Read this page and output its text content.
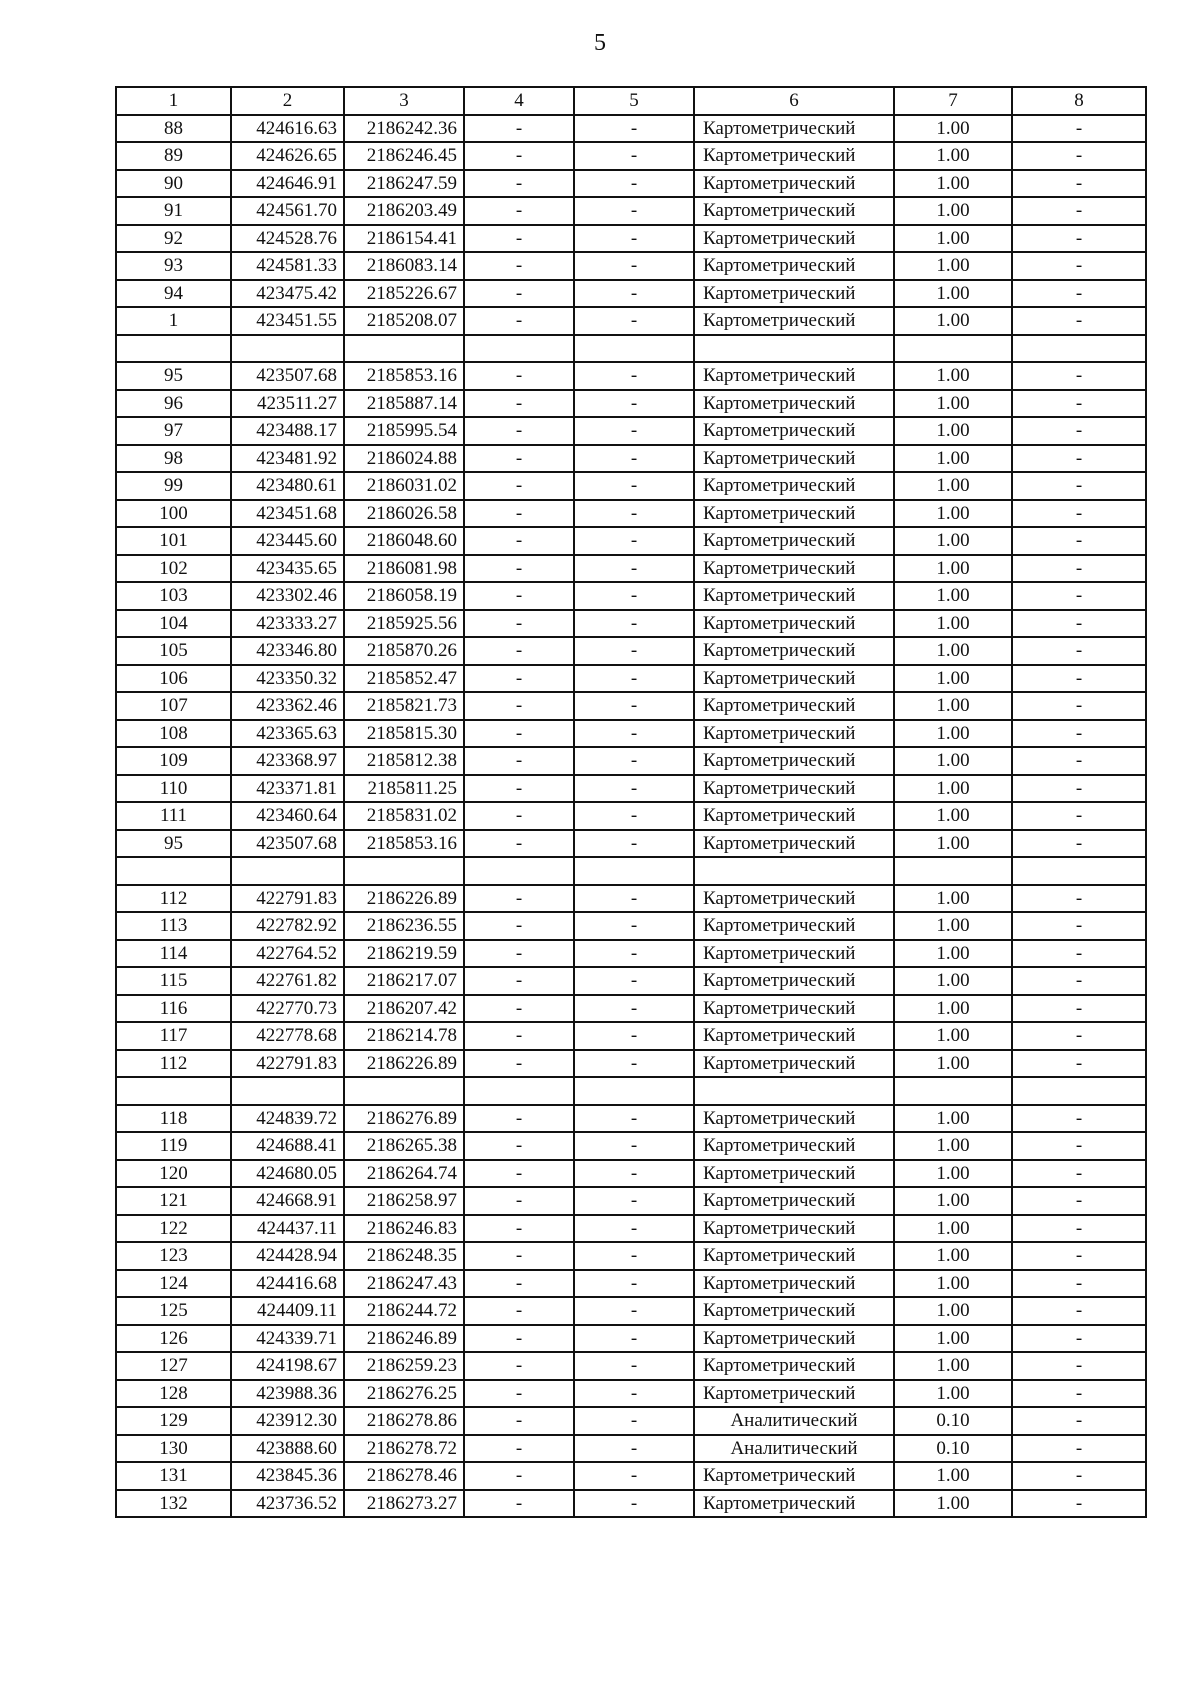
5
1	2	3	4	5	6	7	8
88	424616.63	2186242.36	-	-	Картометрический	1.00	-
89	424626.65	2186246.45	-	-	Картометрический	1.00	-
90	424646.91	2186247.59	-	-	Картометрический	1.00	-
91	424561.70	2186203.49	-	-	Картометрический	1.00	-
92	424528.76	2186154.41	-	-	Картометрический	1.00	-
93	424581.33	2186083.14	-	-	Картометрический	1.00	-
94	423475.42	2185226.67	-	-	Картометрический	1.00	-
1	423451.55	2185208.07	-	-	Картометрический	1.00	-

95	423507.68	2185853.16	-	-	Картометрический	1.00	-
96	423511.27	2185887.14	-	-	Картометрический	1.00	-
97	423488.17	2185995.54	-	-	Картометрический	1.00	-
98	423481.92	2186024.88	-	-	Картометрический	1.00	-
99	423480.61	2186031.02	-	-	Картометрический	1.00	-
100	423451.68	2186026.58	-	-	Картометрический	1.00	-
101	423445.60	2186048.60	-	-	Картометрический	1.00	-
102	423435.65	2186081.98	-	-	Картометрический	1.00	-
103	423302.46	2186058.19	-	-	Картометрический	1.00	-
104	423333.27	2185925.56	-	-	Картометрический	1.00	-
105	423346.80	2185870.26	-	-	Картометрический	1.00	-
106	423350.32	2185852.47	-	-	Картометрический	1.00	-
107	423362.46	2185821.73	-	-	Картометрический	1.00	-
108	423365.63	2185815.30	-	-	Картометрический	1.00	-
109	423368.97	2185812.38	-	-	Картометрический	1.00	-
110	423371.81	2185811.25	-	-	Картометрический	1.00	-
111	423460.64	2185831.02	-	-	Картометрический	1.00	-
95	423507.68	2185853.16	-	-	Картометрический	1.00	-

112	422791.83	2186226.89	-	-	Картометрический	1.00	-
113	422782.92	2186236.55	-	-	Картометрический	1.00	-
114	422764.52	2186219.59	-	-	Картометрический	1.00	-
115	422761.82	2186217.07	-	-	Картометрический	1.00	-
116	422770.73	2186207.42	-	-	Картометрический	1.00	-
117	422778.68	2186214.78	-	-	Картометрический	1.00	-
112	422791.83	2186226.89	-	-	Картометрический	1.00	-

118	424839.72	2186276.89	-	-	Картометрический	1.00	-
119	424688.41	2186265.38	-	-	Картометрический	1.00	-
120	424680.05	2186264.74	-	-	Картометрический	1.00	-
121	424668.91	2186258.97	-	-	Картометрический	1.00	-
122	424437.11	2186246.83	-	-	Картометрический	1.00	-
123	424428.94	2186248.35	-	-	Картометрический	1.00	-
124	424416.68	2186247.43	-	-	Картометрический	1.00	-
125	424409.11	2186244.72	-	-	Картометрический	1.00	-
126	424339.71	2186246.89	-	-	Картометрический	1.00	-
127	424198.67	2186259.23	-	-	Картометрический	1.00	-
128	423988.36	2186276.25	-	-	Картометрический	1.00	-
129	423912.30	2186278.86	-	-	Аналитический	0.10	-
130	423888.60	2186278.72	-	-	Аналитический	0.10	-
131	423845.36	2186278.46	-	-	Картометрический	1.00	-
132	423736.52	2186273.27	-	-	Картометрический	1.00	-
